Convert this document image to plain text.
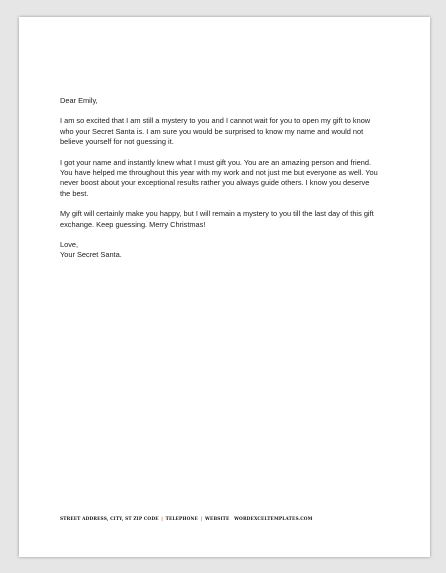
Dear Emily,

I am so excited that I am still a mystery to you and I cannot wait for you to open my gift to know who your Secret Santa is. I am sure you would be surprised to know my name and would not believe yourself for not guessing it.

I got your name and instantly knew what I must gift you. You are an amazing person and friend. You have helped me throughout this year with my work and not just me but everyone as well. You never boost about your exceptional results rather you always guide others. I know you deserve the best.

My gift will certainly make you happy, but I will remain a mystery to you till the last day of this gift exchange. Keep guessing. Merry Christmas!

Love,

Your Secret Santa.

STREET ADDRESS, CITY, ST ZIP CODE | TELEPHONE | WEBSITE WORDEXCELTEMPLATES.COM
